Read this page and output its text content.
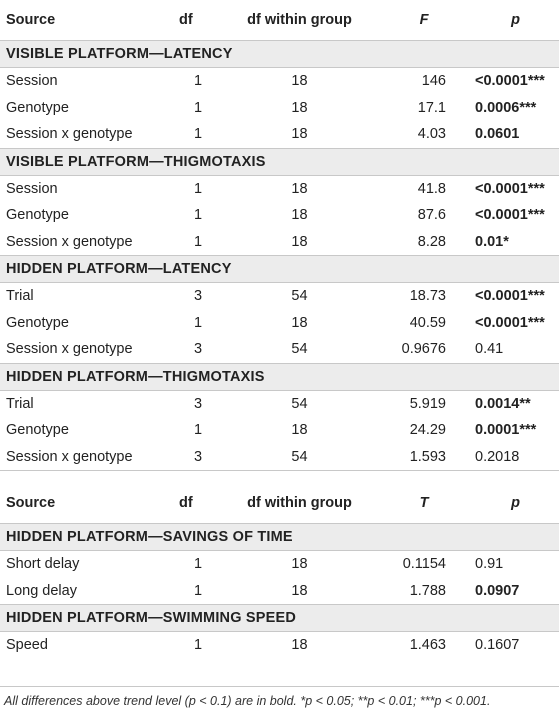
Source	df	df within group	F	p
VISIBLE PLATFORM—LATENCY				
Session	1	18	146	<0.0001***
Genotype	1	18	17.1	0.0006***
Session x genotype	1	18	4.03	0.0601
VISIBLE PLATFORM—THIGMOTAXIS				
Session	1	18	41.8	<0.0001***
Genotype	1	18	87.6	<0.0001***
Session x genotype	1	18	8.28	0.01*
HIDDEN PLATFORM—LATENCY				
Trial	3	54	18.73	<0.0001***
Genotype	1	18	40.59	<0.0001***
Session x genotype	3	54	0.9676	0.41
HIDDEN PLATFORM—THIGMOTAXIS				
Trial	3	54	5.919	0.0014**
Genotype	1	18	24.29	0.0001***
Session x genotype	3	54	1.593	0.2018

Source	df	df within group	T	p
HIDDEN PLATFORM—SAVINGS OF TIME				
Short delay	1	18	0.1154	0.91
Long delay	1	18	1.788	0.0907
HIDDEN PLATFORM—SWIMMING SPEED				
Speed	1	18	1.463	0.1607
All differences above trend level (p < 0.1) are in bold. *p < 0.05; **p < 0.01; ***p < 0.001.
